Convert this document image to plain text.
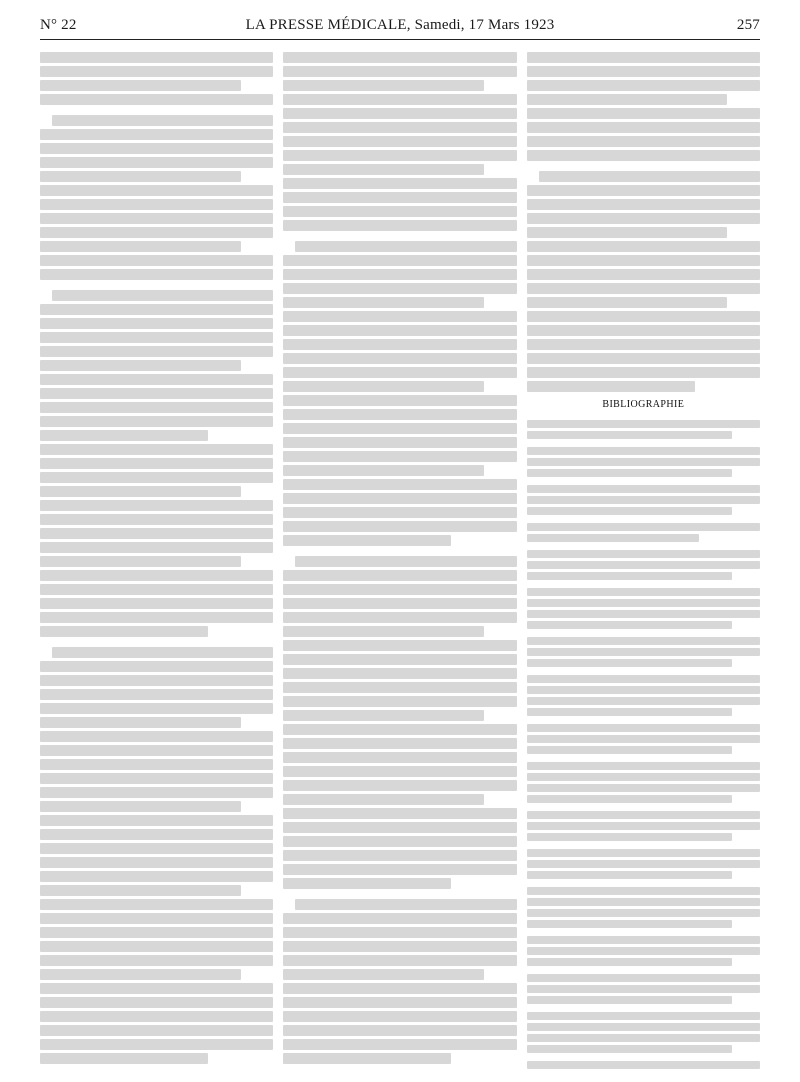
N° 22	LA PRESSE MÉDICALE, Samedi, 17 Mars 1923	257
BIBLIOGRAPHIE
